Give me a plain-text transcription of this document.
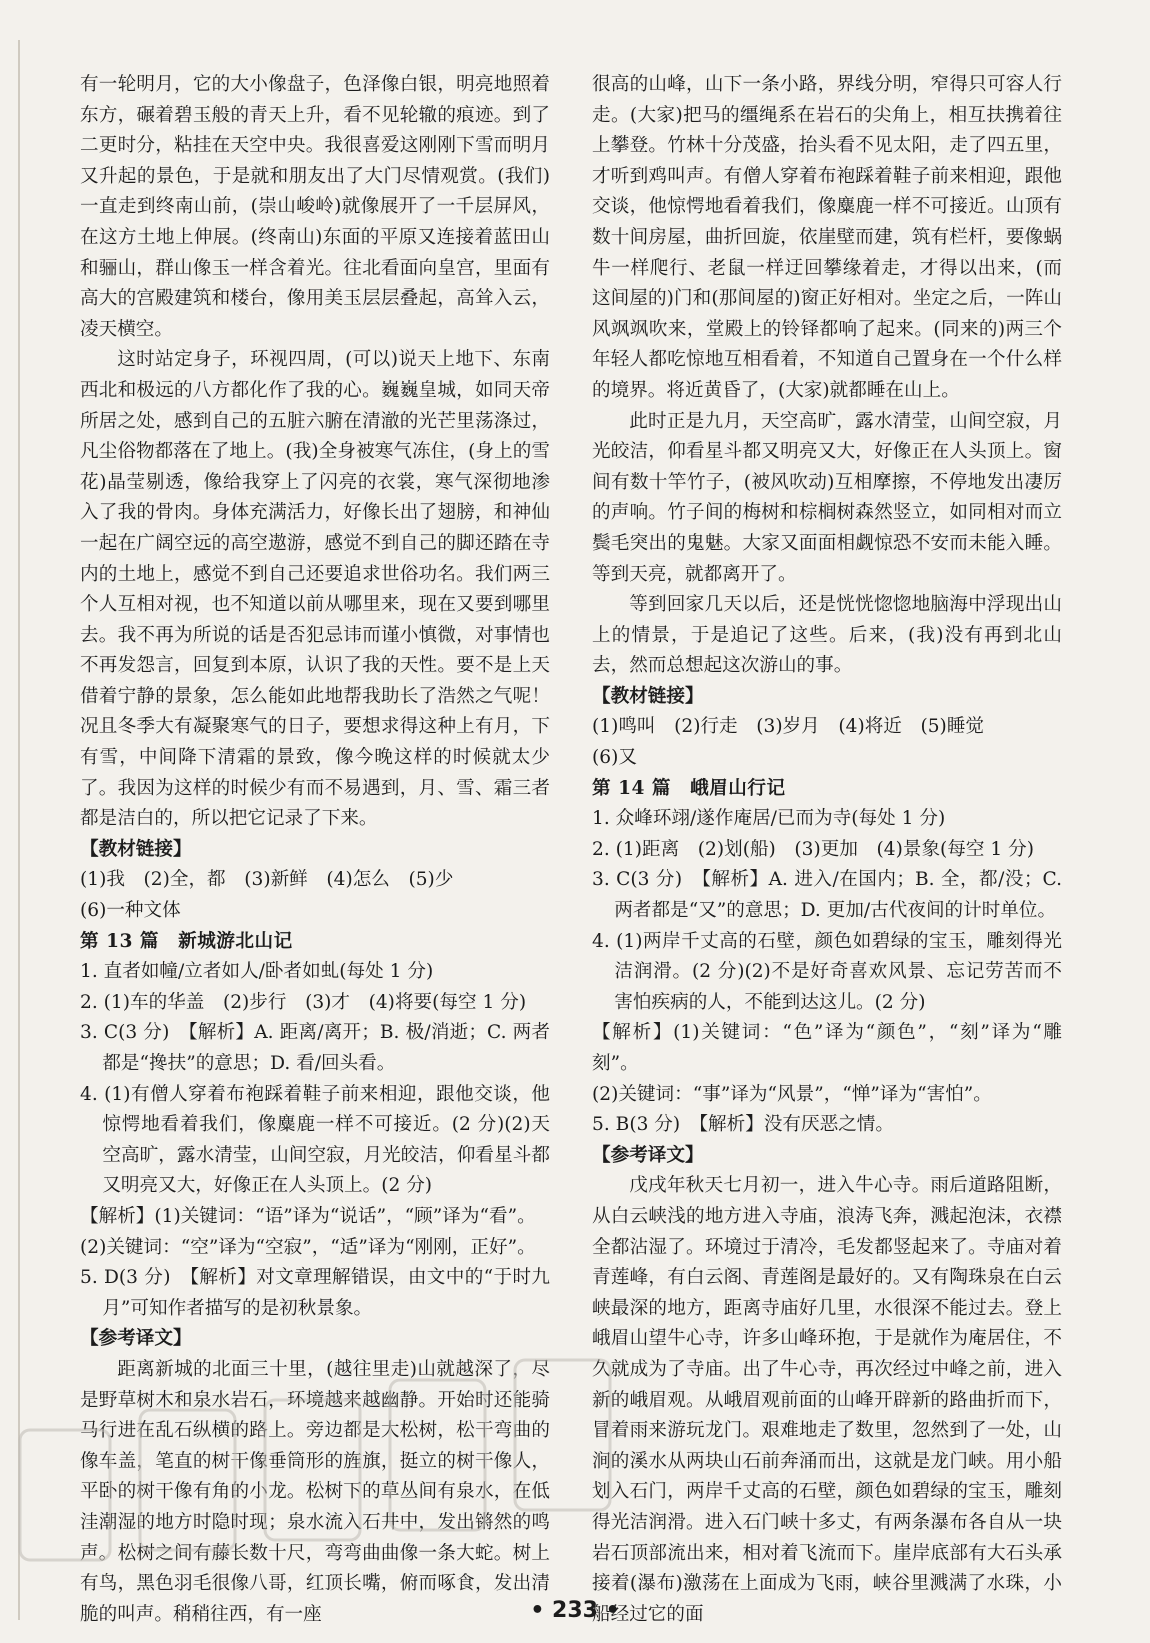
有一轮明月，它的大小像盘子，色泽像白银，明亮地照着东方，碾着碧玉般的青天上升，看不见轮辙的痕迹。到了二更时分，粘挂在天空中央。我很喜爱这刚刚下雪而明月又升起的景色，于是就和朋友出了大门尽情观赏。(我们)一直走到终南山前，(崇山峻岭)就像展开了一千层屏风，在这方土地上伸展。(终南山)东面的平原又连接着蓝田山和骊山，群山像玉一样含着光。往北看面向皇宫，里面有高大的宫殿建筑和楼台，像用美玉层层叠起，高耸入云，凌天横空。

这时站定身子，环视四周，(可以)说天上地下、东南西北和极远的八方都化作了我的心。巍巍皇城，如同天帝所居之处，感到自己的五脏六腑在清澈的光芒里荡涤过，凡尘俗物都落在了地上。(我)全身被寒气冻住，(身上的雪花)晶莹剔透，像给我穿上了闪亮的衣裳，寒气深彻地渗入了我的骨肉。身体充满活力，好像长出了翅膀，和神仙一起在广阔空远的高空遨游，感觉不到自己的脚还踏在寺内的土地上，感觉不到自己还要追求世俗功名。我们两三个人互相对视，也不知道以前从哪里来，现在又要到哪里去。我不再为所说的话是否犯忌讳而谨小慎微，对事情也不再发怨言，回复到本原，认识了我的天性。要不是上天借着宁静的景象，怎么能如此地帮我助长了浩然之气呢！况且冬季大有凝聚寒气的日子，要想求得这种上有月，下有雪，中间降下清霜的景致，像今晚这样的时候就太少了。我因为这样的时候少有而不易遇到，月、雪、霜三者都是洁白的，所以把它记录了下来。

【教材链接】

(1)我　(2)全，都　(3)新鲜　(4)怎么　(5)少

(6)一种文体

第 13 篇　新城游北山记

1. 直者如幢/立者如人/卧者如虬(每处 1 分)

2. (1)车的华盖　(2)步行　(3)才　(4)将要(每空 1 分)

3. C(3 分)　【解析】A. 距离/离开；B. 极/消逝；C. 两者都是“搀扶”的意思；D. 看/回头看。

4. (1)有僧人穿着布袍踩着鞋子前来相迎，跟他交谈，他惊愕地看着我们，像麋鹿一样不可接近。(2 分)(2)天空高旷，露水清莹，山间空寂，月光皎洁，仰看星斗都又明亮又大，好像正在人头顶上。(2 分)

【解析】(1)关键词：“语”译为“说话”，“顾”译为“看”。

(2)关键词：“空”译为“空寂”，“适”译为“刚刚，正好”。

5. D(3 分)　【解析】对文章理解错误，由文中的“于时九月”可知作者描写的是初秋景象。

【参考译文】

距离新城的北面三十里，(越往里走)山就越深了，尽是野草树木和泉水岩石，环境越来越幽静。开始时还能骑马行进在乱石纵横的路上。旁边都是大松树，松干弯曲的像车盖，笔直的树干像垂筒形的旌旗，挺立的树干像人，平卧的树干像有角的小龙。松树下的草丛间有泉水，在低洼潮湿的地方时隐时现；泉水流入石井中，发出锵然的鸣声。松树之间有藤长数十尺，弯弯曲曲像一条大蛇。树上有鸟，黑色羽毛很像八哥，红顶长嘴，俯而啄食，发出清脆的叫声。稍稍往西，有一座

很高的山峰，山下一条小路，界线分明，窄得只可容人行走。(大家)把马的缰绳系在岩石的尖角上，相互扶携着往上攀登。竹林十分茂盛，抬头看不见太阳，走了四五里，才听到鸡叫声。有僧人穿着布袍踩着鞋子前来相迎，跟他交谈，他惊愕地看着我们，像麋鹿一样不可接近。山顶有数十间房屋，曲折回旋，依崖壁而建，筑有栏杆，要像蜗牛一样爬行、老鼠一样迂回攀缘着走，才得以出来，(而这间屋的)门和(那间屋的)窗正好相对。坐定之后，一阵山风飒飒吹来，堂殿上的铃铎都响了起来。(同来的)两三个年轻人都吃惊地互相看着，不知道自己置身在一个什么样的境界。将近黄昏了，(大家)就都睡在山上。

此时正是九月，天空高旷，露水清莹，山间空寂，月光皎洁，仰看星斗都又明亮又大，好像正在人头顶上。窗间有数十竿竹子，(被风吹动)互相摩擦，不停地发出凄厉的声响。竹子间的梅树和棕榈树森然竖立，如同相对而立鬓毛突出的鬼魅。大家又面面相觑惊恐不安而未能入睡。等到天亮，就都离开了。

等到回家几天以后，还是恍恍惚惚地脑海中浮现出山上的情景，于是追记了这些。后来，(我)没有再到北山去，然而总想起这次游山的事。

【教材链接】

(1)鸣叫　(2)行走　(3)岁月　(4)将近　(5)睡觉

(6)又

第 14 篇　峨眉山行记

1. 众峰环翊/遂作庵居/已而为寺(每处 1 分)

2. (1)距离　(2)划(船)　(3)更加　(4)景象(每空 1 分)

3. C(3 分)　【解析】A. 进入/在国内；B. 全，都/没；C. 两者都是“又”的意思；D. 更加/古代夜间的计时单位。

4. (1)两岸千丈高的石壁，颜色如碧绿的宝玉，雕刻得光洁润滑。(2 分)(2)不是好奇喜欢风景、忘记劳苦而不害怕疾病的人，不能到达这儿。(2 分)

【解析】(1)关键词：“色”译为“颜色”，“刻”译为“雕刻”。

(2)关键词：“事”译为“风景”，“惮”译为“害怕”。

5. B(3 分)　【解析】没有厌恶之情。

【参考译文】

戊戌年秋天七月初一，进入牛心寺。雨后道路阻断，从白云峡浅的地方进入寺庙，浪涛飞奔，溅起泡沫，衣襟全都沾湿了。环境过于清冷，毛发都竖起来了。寺庙对着青莲峰，有白云阁、青莲阁是最好的。又有陶珠泉在白云峡最深的地方，距离寺庙好几里，水很深不能过去。登上峨眉山望牛心寺，许多山峰环抱，于是就作为庵居住，不久就成为了寺庙。出了牛心寺，再次经过中峰之前，进入新的峨眉观。从峨眉观前面的山峰开辟新的路曲折而下，冒着雨来游玩龙门。艰难地走了数里，忽然到了一处，山涧的溪水从两块山石前奔涌而出，这就是龙门峡。用小船划入石门，两岸千丈高的石壁，颜色如碧绿的宝玉，雕刻得光洁润滑。进入石门峡十多丈，有两条瀑布各自从一块岩石顶部流出来，相对着飞流而下。崖岸底部有大石头承接着(瀑布)激荡在上面成为飞雨，峡谷里溅满了水珠，小船经过它的面

• 233 •
